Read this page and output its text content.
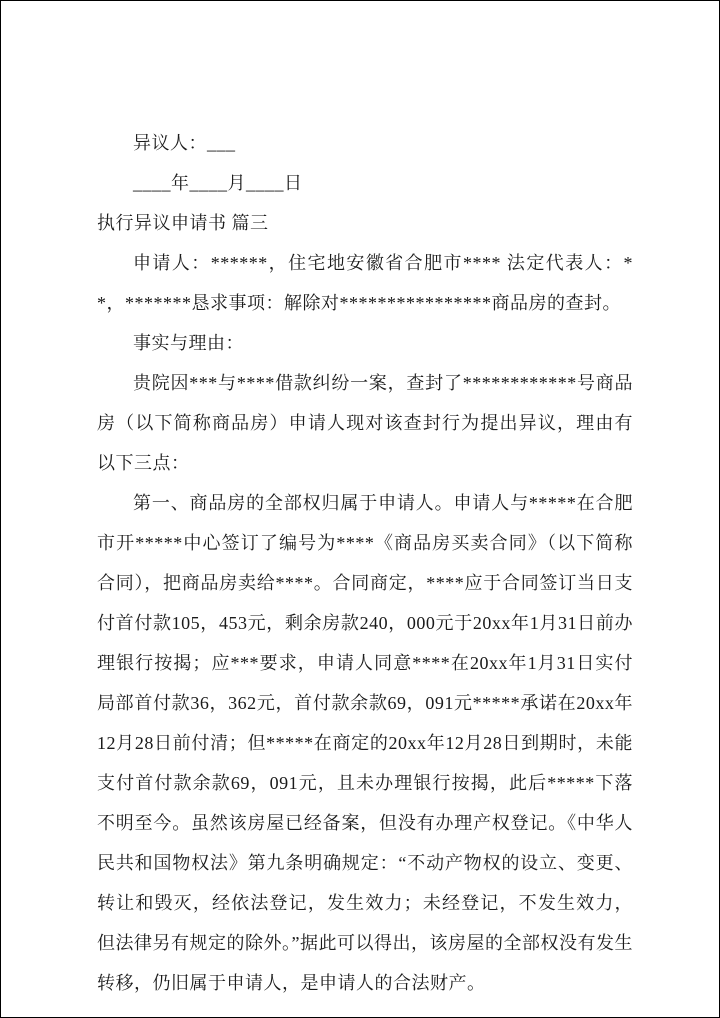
异议人：___

____年____月____日

执行异议申请书 篇三

申请人：******，住宅地安徽省合肥市**** 法定代表人：**，*******恳求事项：解除对****************商品房的查封。

事实与理由：

贵院因***与****借款纠纷一案，查封了************号商品房（以下简称商品房）申请人现对该查封行为提出异议，理由有以下三点：

第一、商品房的全部权归属于申请人。申请人与*****在合肥市开*****中心签订了编号为****《商品房买卖合同》（以下简称合同），把商品房卖给****。合同商定，****应于合同签订当日支付首付款105，453元，剩余房款240，000元于20xx年1月31日前办理银行按揭；应***要求，申请人同意****在20xx年1月31日实付局部首付款36，362元，首付款余款69，091元*****承诺在20xx年12月28日前付清；但*****在商定的20xx年12月28日到期时，未能支付首付款余款69，091元，且未办理银行按揭，此后*****下落不明至今。虽然该房屋已经备案，但没有办理产权登记。《中华人民共和国物权法》第九条明确规定：“不动产物权的设立、变更、转让和毁灭，经依法登记，发生效力；未经登记，不发生效力，但法律另有规定的除外。”据此可以得出，该房屋的全部权没有发生转移，仍旧属于申请人，是申请人的合法财产。
